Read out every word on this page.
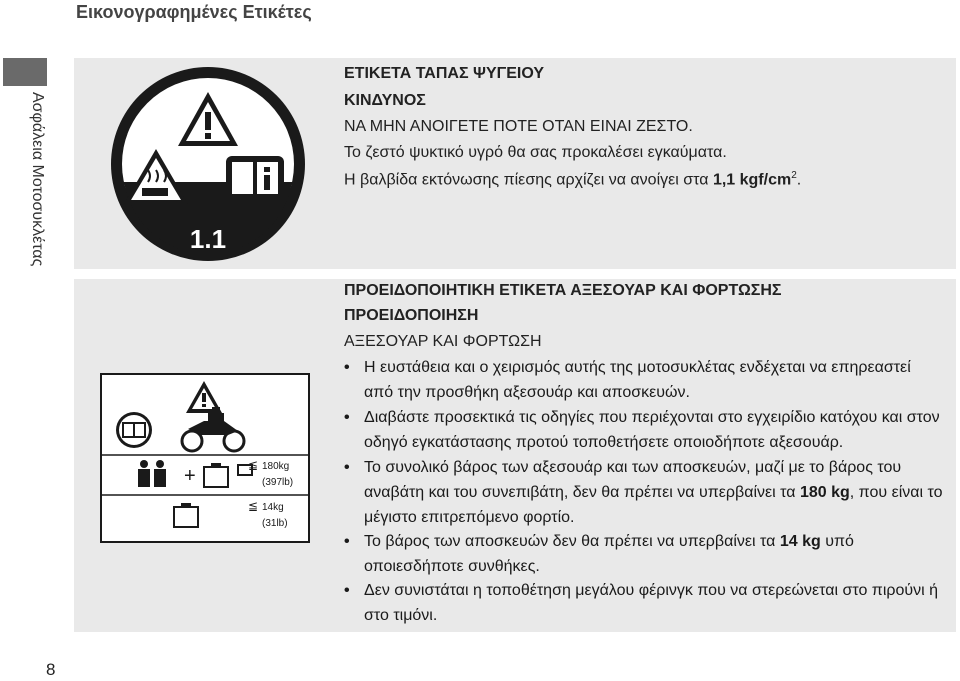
Εικονογραφημένες Ετικέτες
Ασφάλεια Μοτοσυκλέτας	1.1
ΕΤΙΚΕΤΑ ΤΑΠΑΣ ΨΥΓΕΙΟΥ
ΚΙΝΔΥΝΟΣ
ΝΑ ΜΗΝ ΑΝΟΙΓΕΤΕ ΠΟΤΕ ΟΤΑΝ ΕΙΝΑΙ ΖΕΣΤΟ.
Το ζεστό ψυκτικό υγρό θα σας προκαλέσει εγκαύματα.
Η βαλβίδα εκτόνωσης πίεσης αρχίζει να ανοίγει στα 1,1 kgf/$cm^2$.
+	≦ 180kg
(397lb)
≦ 14kg
(31lb)
ΠΡΟΕΙΔΟΠΟΙΗΤΙΚΗ ΕΤΙΚΕΤΑ ΑΞΕΣΟΥΑΡ ΚΑΙ ΦΟΡΤΩΣΗΣ
ΠΡΟΕΙΔΟΠΟΙΗΣΗ
ΑΞΕΣΟΥΑΡ ΚΑΙ ΦΟΡΤΩΣΗ
• Η ευστάθεια και ο χειρισμός αυτής της μοτοσυκλέτας ενδέχεται να επηρεαστεί από την προσθήκη αξεσουάρ και αποσκευών.
• Διαβάστε προσεκτικά τις οδηγίες που περιέχονται στο εγχειρίδιο κατόχου και στον οδηγό εγκατάστασης προτού τοποθετήσετε οποιοδήποτε αξεσουάρ.
• Το συνολικό βάρος των αξεσουάρ και των αποσκευών, μαζί με το βάρος του αναβάτη και του συνεπιβάτη, δεν θα πρέπει να υπερβαίνει τα 180 kg, που είναι το μέγιστο επιτρεπόμενο φορτίο.
• Το βάρος των αποσκευών δεν θα πρέπει να υπερβαίνει τα 14 kg υπό οποιεσδήποτε συνθήκες.
• Δεν συνιστάται η τοποθέτηση μεγάλου φέρινγκ που να στερεώνεται στο πιρούνι ή στο τιμόνι.
8
